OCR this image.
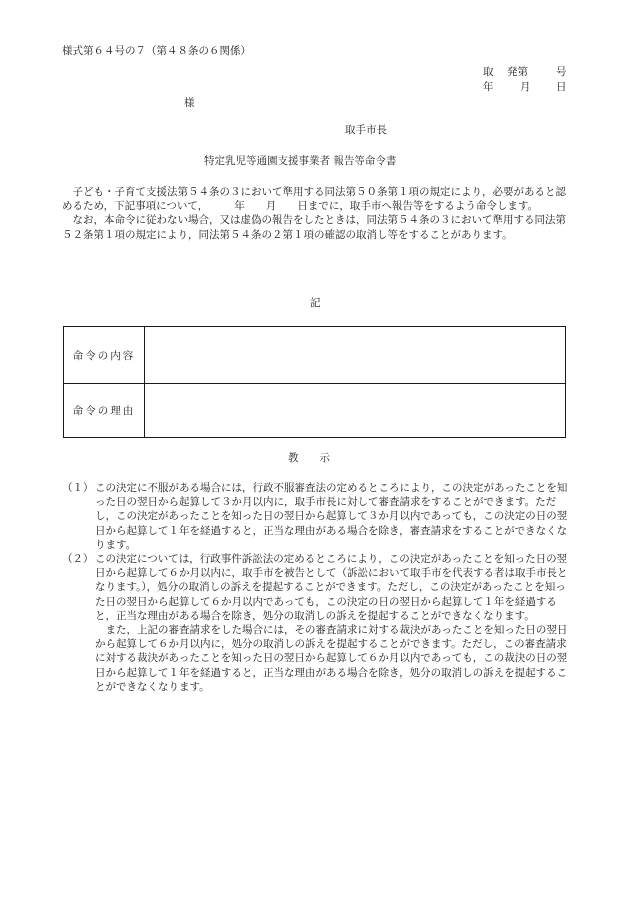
様式第６４号の７（第４８条の６関係）
取 発第	号
年	月 日
様
取手市長
特定乳児等通園支援事業者 報告等命令書

子ども・子育て支援法第５４条の３において準用する同法第５０条第１項の規定により，必要があると認めるため，下記事項について，　　　年　　月　　日までに，取手市へ報告等をするよう命令します。

なお，本命令に従わない場合，又は虚偽の報告をしたときは，同法第５４条の３において準用する同法第５２条第１項の規定により，同法第５４条の２第１項の確認の取消し等をすることがあります。

記
命令の内容	
命令の理由	
教　　示
（１） この決定に不服がある場合には，行政不服審査法の定めるところにより，この決定があったことを知った日の翌日から起算して３か月以内に，取手市長に対して審査請求をすることができます。ただし，この決定があったことを知った日の翌日から起算して３か月以内であっても，この決定の日の翌日から起算して１年を経過すると，正当な理由がある場合を除き，審査請求をすることができなくなります。
（２） この決定については，行政事件訴訟法の定めるところにより，この決定があったことを知った日の翌日から起算して６か月以内に，取手市を被告として（訴訟において取手市を代表する者は取手市長となります。），処分の取消しの訴えを提起することができます。ただし，この決定があったことを知った日の翌日から起算して６か月以内であっても，この決定の日の翌日から起算して１年を経過すると，正当な理由がある場合を除き，処分の取消しの訴えを提起することができなくなります。

また，上記の審査請求をした場合には，その審査請求に対する裁決があったことを知った日の翌日から起算して６か月以内に，処分の取消しの訴えを提起することができます。ただし，この審査請求に対する裁決があったことを知った日の翌日から起算して６か月以内であっても，この裁決の日の翌日から起算して１年を経過すると，正当な理由がある場合を除き，処分の取消しの訴えを提起することができなくなります。
